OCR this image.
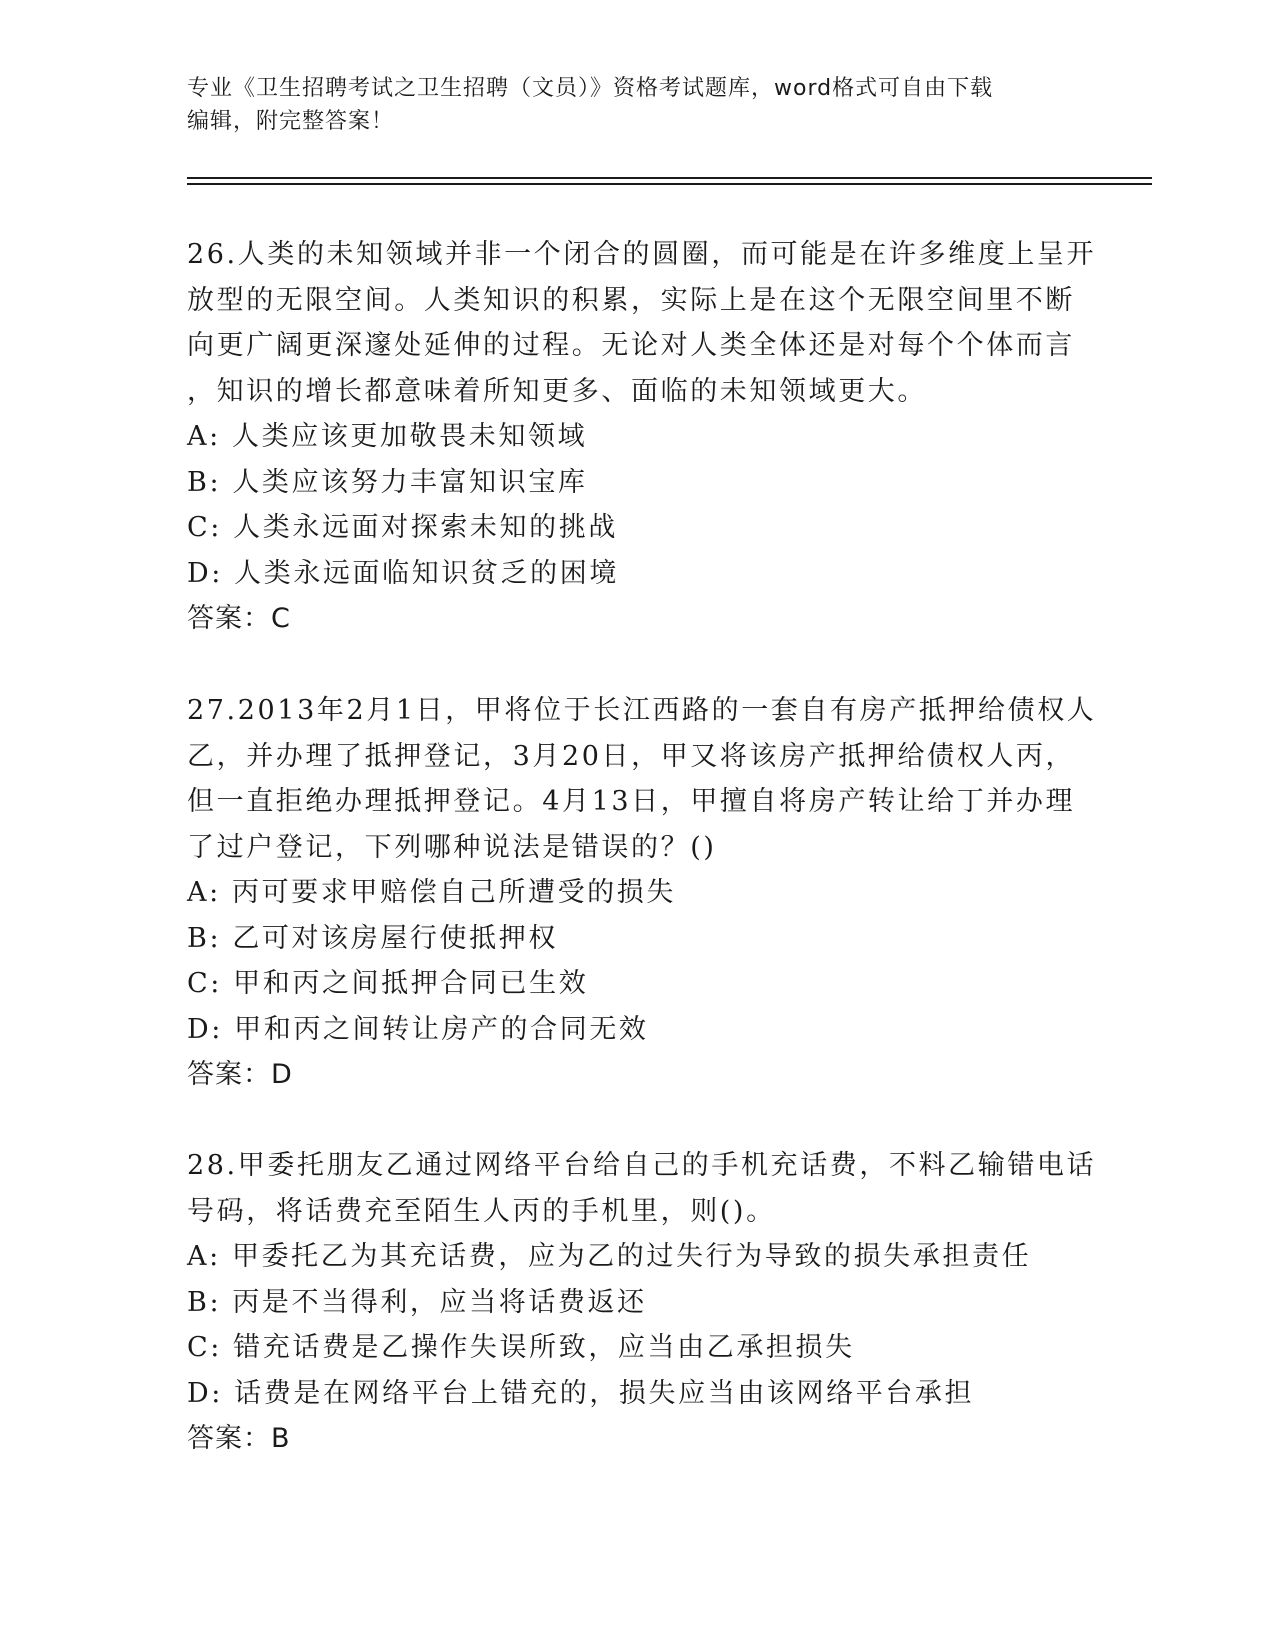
专业《卫生招聘考试之卫生招聘（文员）》资格考试题库，word格式可自由下载
编辑，附完整答案！
26.人类的未知领域并非一个闭合的圆圈，而可能是在许多维度上呈开
放型的无限空间。人类知识的积累，实际上是在这个无限空间里不断
向更广阔更深邃处延伸的过程。无论对人类全体还是对每个个体而言
，知识的增长都意味着所知更多、面临的未知领域更大。
A: 人类应该更加敬畏未知领域
B: 人类应该努力丰富知识宝库
C: 人类永远面对探索未知的挑战
D: 人类永远面临知识贫乏的困境
答案：C
27.2013年2月1日，甲将位于长江西路的一套自有房产抵押给债权人
乙，并办理了抵押登记，3月20日，甲又将该房产抵押给债权人丙，
但一直拒绝办理抵押登记。4月13日，甲擅自将房产转让给丁并办理
了过户登记，下列哪种说法是错误的？()
A: 丙可要求甲赔偿自己所遭受的损失
B: 乙可对该房屋行使抵押权
C: 甲和丙之间抵押合同已生效
D: 甲和丙之间转让房产的合同无效
答案：D
28.甲委托朋友乙通过网络平台给自己的手机充话费，不料乙输错电话
号码，将话费充至陌生人丙的手机里，则()。
A: 甲委托乙为其充话费，应为乙的过失行为导致的损失承担责任
B: 丙是不当得利，应当将话费返还
C: 错充话费是乙操作失误所致，应当由乙承担损失
D: 话费是在网络平台上错充的，损失应当由该网络平台承担
答案：B
